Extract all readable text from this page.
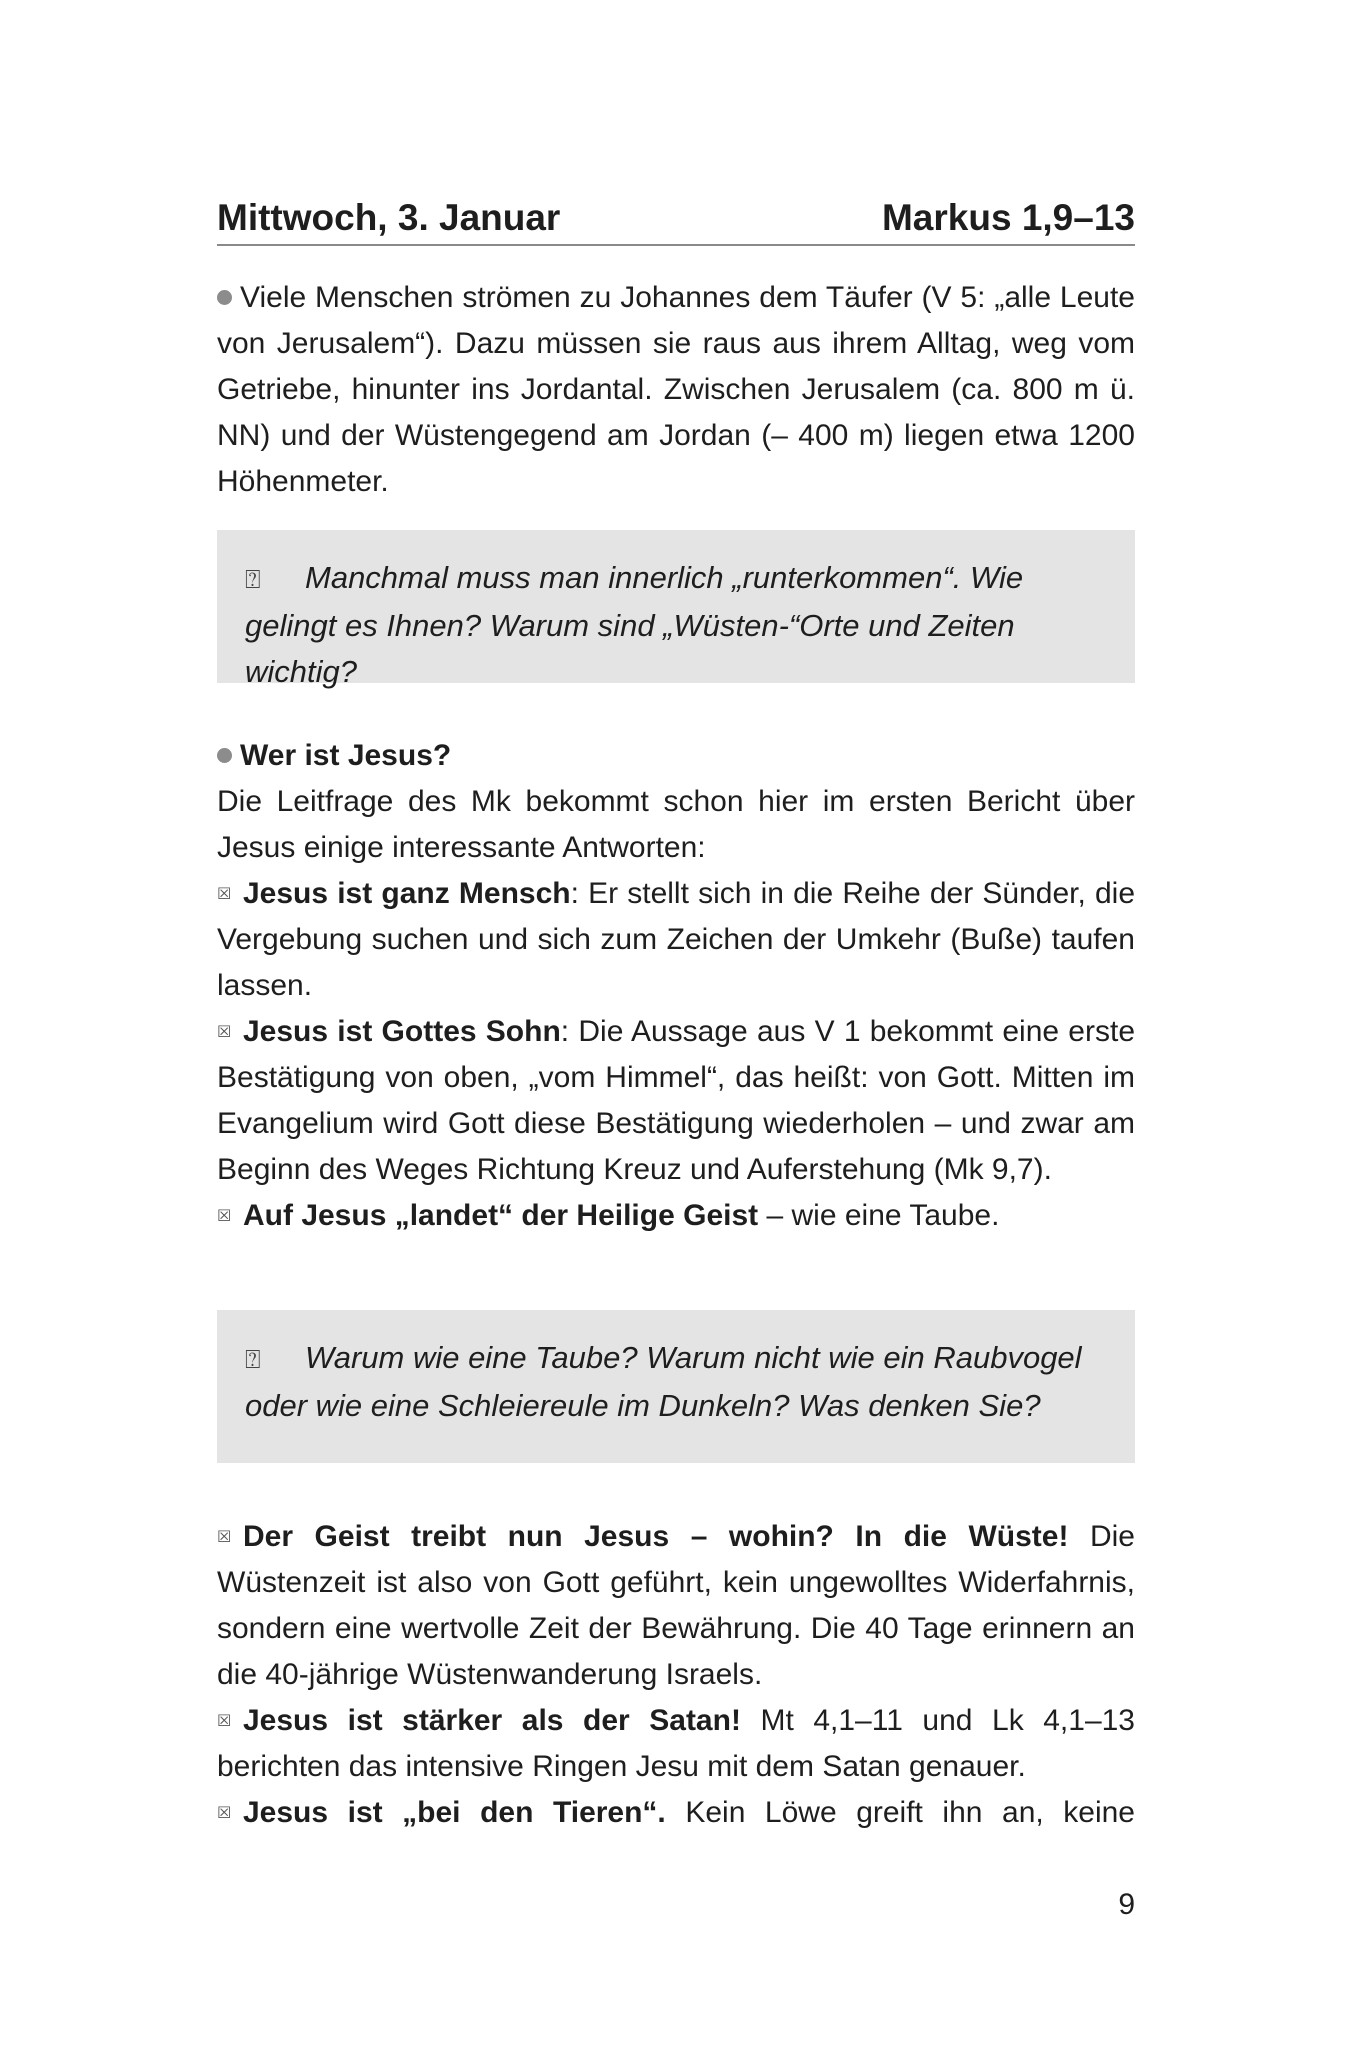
Mittwoch, 3. Januar	Markus 1,9–13

Viele Menschen strömen zu Johannes dem Täufer (V 5: „alle Leute von Jerusalem“). Dazu müssen sie raus aus ihrem Alltag, weg vom Getriebe, hinunter ins Jordantal. Zwischen Jerusalem (ca. 800 m ü. NN) und der Wüstengegend am Jordan (– 400 m) liegen etwa 1200 Höhenmeter.

⍰ Manchmal muss man innerlich „runterkommen“. Wie gelingt es Ihnen? Warum sind „Wüsten-“Orte und Zeiten wichtig?

Wer ist Jesus?

Die Leitfrage des Mk bekommt schon hier im ersten Bericht über Jesus einige interessante Antworten:

☒ Jesus ist ganz Mensch: Er stellt sich in die Reihe der Sünder, die Vergebung suchen und sich zum Zeichen der Umkehr (Buße) taufen lassen.

☒ Jesus ist Gottes Sohn: Die Aussage aus V 1 bekommt eine erste Bestätigung von oben, „vom Himmel“, das heißt: von Gott. Mitten im Evangelium wird Gott diese Bestätigung wiederholen – und zwar am Beginn des Weges Richtung Kreuz und Auferstehung (Mk 9,7).

☒ Auf Jesus „landet“ der Heilige Geist – wie eine Taube.

⍰ Warum wie eine Taube? Warum nicht wie ein Raubvogel oder wie eine Schleiereule im Dunkeln? Was denken Sie?

☒ Der Geist treibt nun Jesus – wohin? In die Wüste! Die Wüstenzeit ist also von Gott geführt, kein ungewolltes Widerfahrnis, sondern eine wertvolle Zeit der Bewährung. Die 40 Tage erinnern an die 40-jährige Wüstenwanderung Israels.

☒ Jesus ist stärker als der Satan! Mt 4,1–11 und Lk 4,1–13 berichten das intensive Ringen Jesu mit dem Satan genauer.

☒ Jesus ist „bei den Tieren“. Kein Löwe greift ihn an, keine

9
